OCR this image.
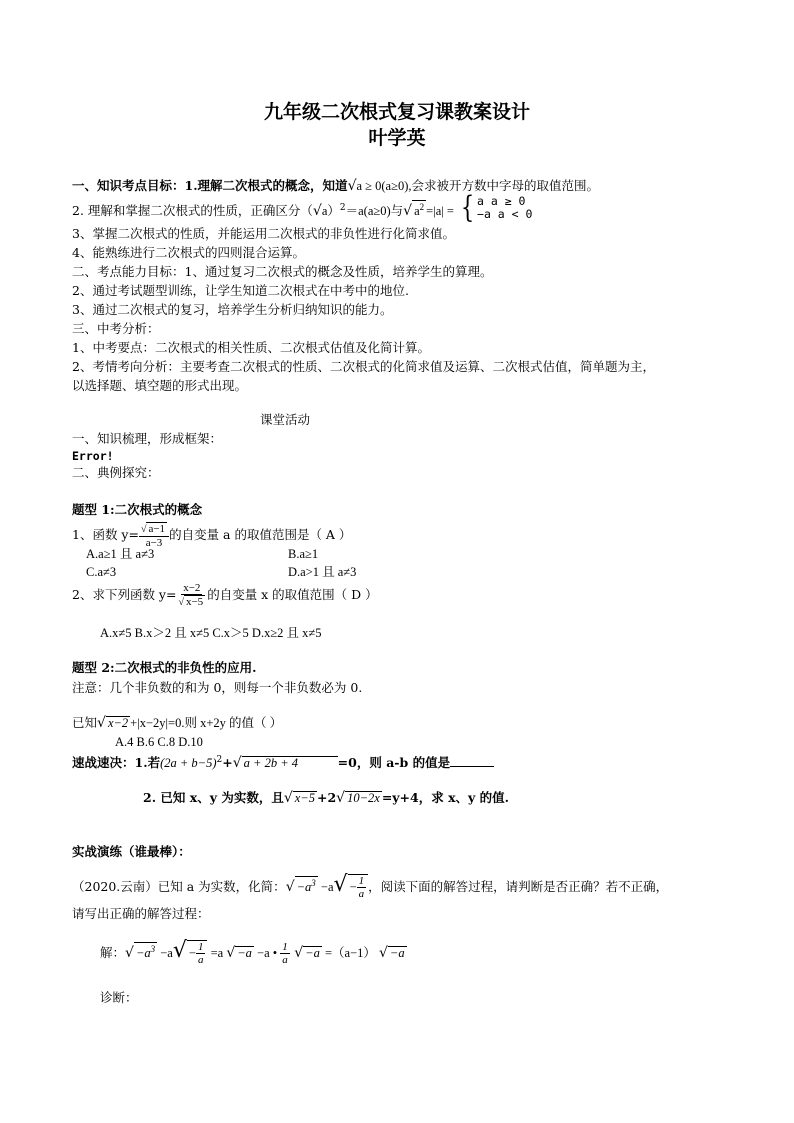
九年级二次根式复习课教案设计
叶学英
一、知识考点目标：1.理解二次根式的概念，知道√a ≥ 0(a≥0),会求被开方数中字母的取值范围。
2. 理解和掌握二次根式的性质，正确区分$(√a)^2=a(a\ge 0)$与√ $a^2 =|a|$ = { a a ≥ 0
−a a < 0
3、掌握二次根式的性质，并能运用二次根式的非负性进行化简求值。
4、能熟练进行二次根式的四则混合运算。
二、考点能力目标：1、通过复习二次根式的概念及性质，培养学生的算理。
2、通过考试题型训练，让学生知道二次根式在中考中的地位.
3、通过二次根式的复习，培养学生分析归纳知识的能力。
三、中考分析：
1、中考要点：二次根式的相关性质、二次根式估值及化简计算。
2、考情考向分析：主要考查二次根式的性质、二次根式的化简求值及运算、二次根式估值，简单题为主，
以选择题、填空题的形式出现。
课堂活动
一、知识梳理，形成框架：
Error!
二、典例探究：
题型 1:二次根式的概念
1、函数 $y= \frac{√ a-1}{a-3}$ 的自变量 a 的取值范围是（ A ）
A.a≥1 且 a≠3	B.a≥1
C.a≠3	D.a>1 且 a≠3
2、求下列函数 $y= \frac{x-2}{√ x-5}$ 的自变量 x 的取值范围（ D ）
A.x≠5 B.x＞2 且 x≠5 C.x＞5 D.x≥2 且 x≠5
题型 2:二次根式的非负性的应用.
注意：几个非负数的和为 0，则每一个非负数必为 0.
已知√ x−2 +|x−2y|=0.则 x+2y 的值（ ）
A.4 B.6 C.8 D.10
速战速决：1.若$(2a + b-5)^2+√$ a + 2b + 4	=0，则 a-b 的值是
2. 已知 x、y 为实数，且√ x−5 +2√ 10−2x =y+4，求 x、y 的值.
实战演练（谁最棒）：
（2020.云南）已知 a 为实数，化简：√ $-a^3 -a√ - \frac{1}{a}$ ，阅读下面的解答过程，请判断是否正确？若不正确，
请写出正确的解答过程：
解：√ $-a^3 -a√ - \frac{1}{a} =a$ √ −a −a • $\frac{1}{a}$ √ −a =（a−1） √ −a
诊断：
